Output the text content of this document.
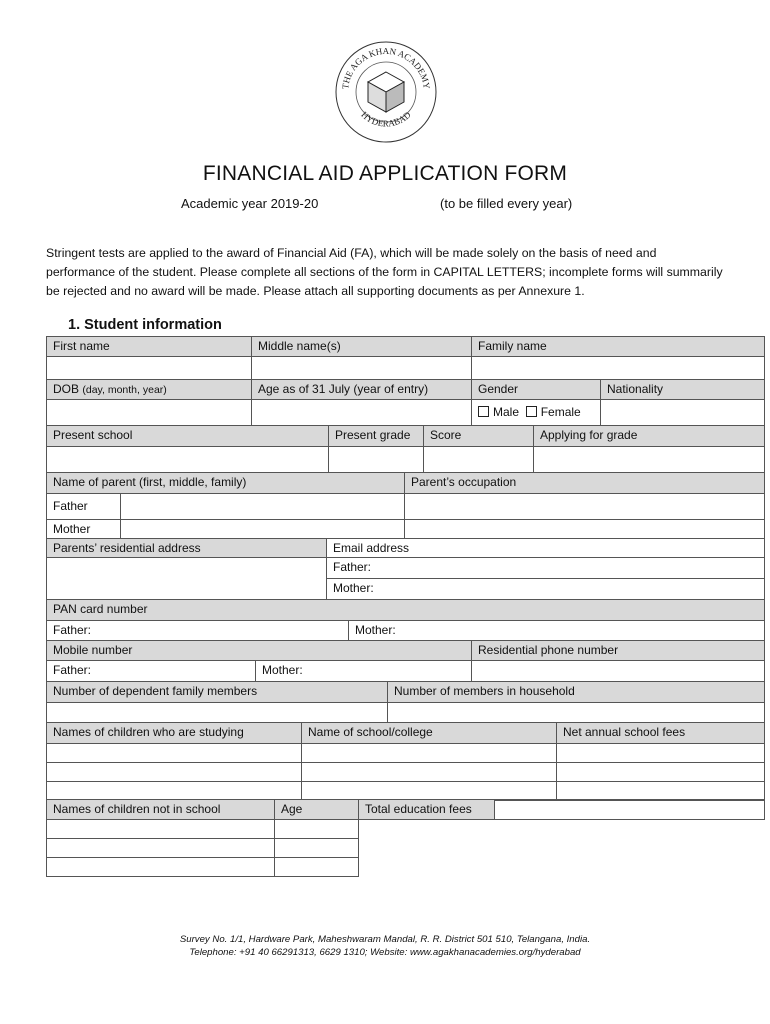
THE AGA KHAN ACADEMY
HYDERABAD
FINANCIAL AID APPLICATION FORM
Academic year 2019-20	(to be filled every year)
Stringent tests are applied to the award of Financial Aid (FA), which will be made solely on the basis of need and performance of the student. Please complete all sections of the form in CAPITAL LETTERS; incomplete forms will summarily be rejected and no award will be made. Please attach all supporting documents as per Annexure 1.
1. Student information
First name	Middle name(s)	Family name
DOB (day, month, year)	Age as of 31 July (year of entry)	Gender	Nationality
Male Female
Present school	Present grade	Score	Applying for grade
Name of parent (first, middle, family)	Parent’s occupation
Father
Mother
Parents’ residential address	Email address
Father:
Mother:
PAN card number
Father:	Mother:
Mobile number	Residential phone number
Father:	Mother:
Number of dependent family members	Number of members in household
Names of children who are studying	Name of school/college	Net annual school fees
Names of children not in school	Age	Total education fees
Survey No. 1/1, Hardware Park, Maheshwaram Mandal, R. R. District 501 510, Telangana, India.
Telephone: +91 40 66291313, 6629 1310; Website: www.agakhanacademies.org/hyderabad
